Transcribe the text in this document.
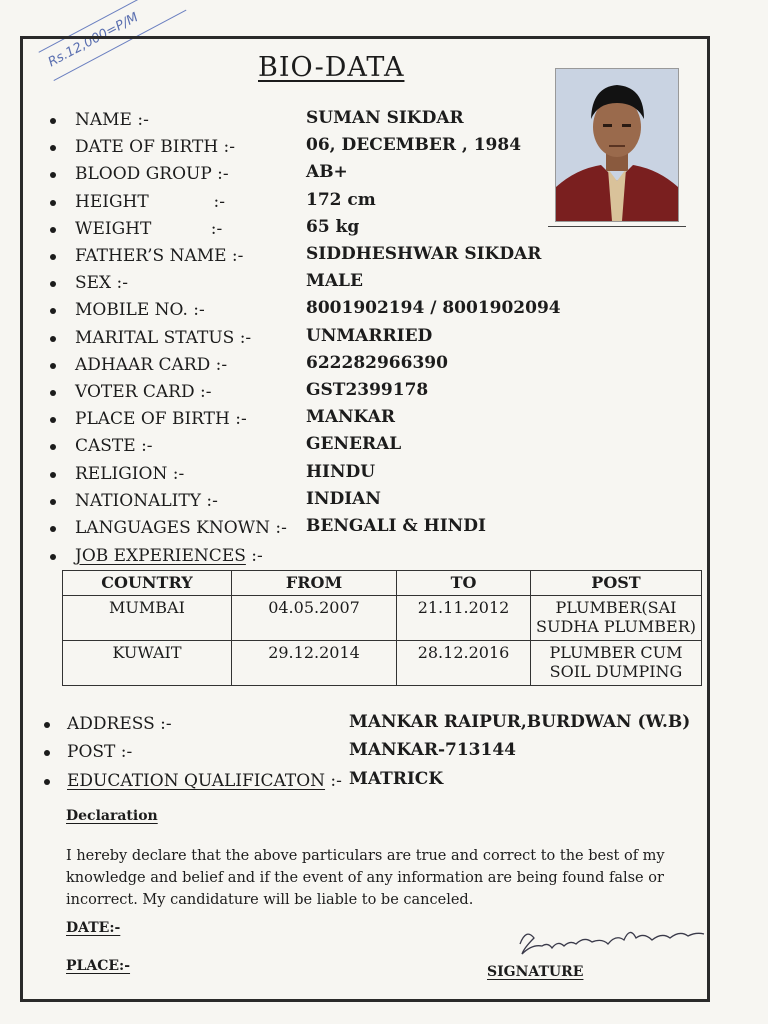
Rs.12,000=P/M	BIO-DATA
NAME :-	SUMAN SIKDAR
DATE OF BIRTH :-	06, DECEMBER , 1984
BLOOD GROUP :-	AB+
HEIGHT            :-	172 cm
WEIGHT           :-	65 kg
FATHER’S NAME :-	SIDDHESHWAR SIKDAR
SEX :-	MALE
MOBILE NO. :-	8001902194 / 8001902094
MARITAL STATUS :-	UNMARRIED
ADHAAR CARD :-	622282966390
VOTER CARD :-	GST2399178
PLACE OF BIRTH :-	MANKAR
CASTE :-	GENERAL
RELIGION :-	HINDU
NATIONALITY :-	INDIAN
LANGUAGES KNOWN :- BENGALI & HINDI
JOB EXPERIENCES :-
COUNTRY	FROM	TO	POST
MUMBAI	04.05.2007	21.11.2012	PLUMBER(SAI SUDHA PLUMBER)
KUWAIT	29.12.2014	28.12.2016	PLUMBER CUM SOIL DUMPING
ADDRESS :-	MANKAR RAIPUR,BURDWAN (W.B)
POST :-	MANKAR-713144
EDUCATION QUALIFICATON :- MATRICK
Declaration
I hereby declare that the above particulars are true and correct to the best of my knowledge and belief and if the event of any information are being found false or incorrect. My candidature will be liable to be canceled.
DATE:-
PLACE:-	SIGNATURE
